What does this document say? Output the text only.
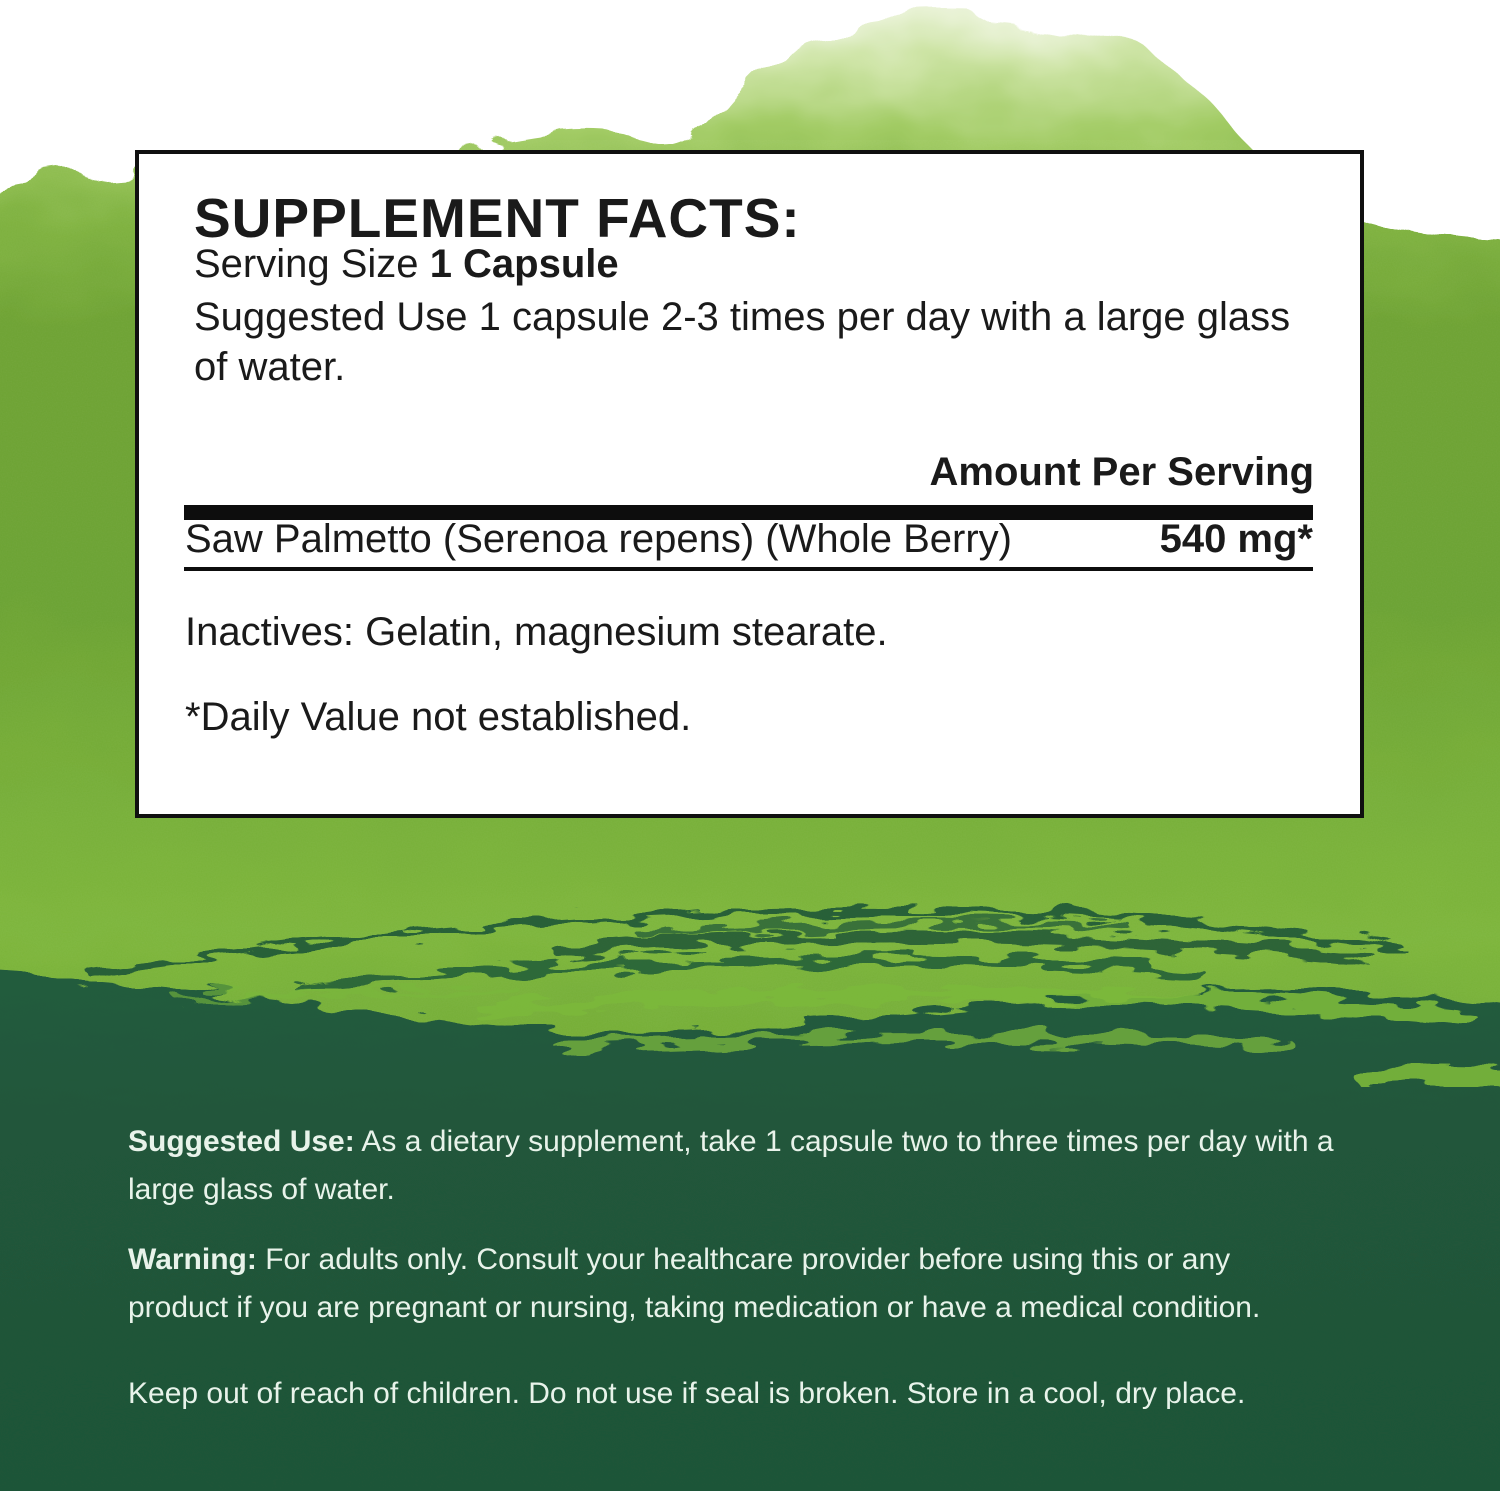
SUPPLEMENT FACTS:
Serving Size 1 Capsule
Suggested Use 1 capsule 2-3 times per day with a large glass of water.
Amount Per Serving
Saw Palmetto (Serenoa repens) (Whole Berry)	540 mg*
Inactives: Gelatin, magnesium stearate.
*Daily Value not established.

Suggested Use: As a dietary supplement, take 1 capsule two to three times per day with a large glass of water.

Warning: For adults only. Consult your healthcare provider before using this or any product if you are pregnant or nursing, taking medication or have a medical condition.

Keep out of reach of children. Do not use if seal is broken. Store in a cool, dry place.
